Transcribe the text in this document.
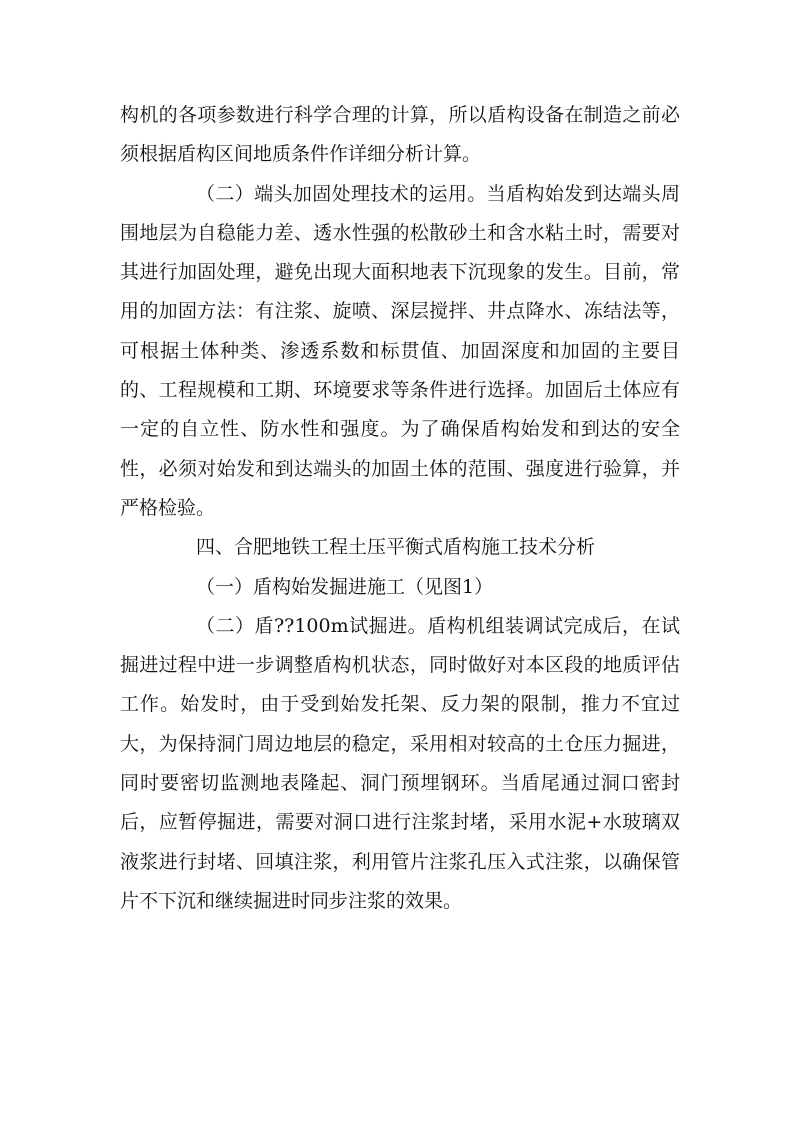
构机的各项参数进行科学合理的计算，所以盾构设备在制造之前必须根据盾构区间地质条件作详细分析计算。

（二）端头加固处理技术的运用。当盾构始发到达端头周围地层为自稳能力差、透水性强的松散砂土和含水粘土时，需要对其进行加固处理，避免出现大面积地表下沉现象的发生。目前，常用的加固方法：有注浆、旋喷、深层搅拌、井点降水、冻结法等，可根据土体种类、渗透系数和标贯值、加固深度和加固的主要目的、工程规模和工期、环境要求等条件进行选择。加固后土体应有一定的自立性、防水性和强度。为了确保盾构始发和到达的安全性，必须对始发和到达端头的加固土体的范围、强度进行验算，并严格检验。

四、合肥地铁工程土压平衡式盾构施工技术分析

（一）盾构始发掘进施工（见图1）

（二）盾??100m试掘进。盾构机组装调试完成后，在试掘进过程中进一步调整盾构机状态，同时做好对本区段的地质评估工作。始发时，由于受到始发托架、反力架的限制，推力不宜过大，为保持洞门周边地层的稳定，采用相对较高的土仓压力掘进，同时要密切监测地表隆起、洞门预埋钢环。当盾尾通过洞口密封后，应暂停掘进，需要对洞口进行注浆封堵，采用水泥+水玻璃双液浆进行封堵、回填注浆，利用管片注浆孔压入式注浆，以确保管片不下沉和继续掘进时同步注浆的效果。
